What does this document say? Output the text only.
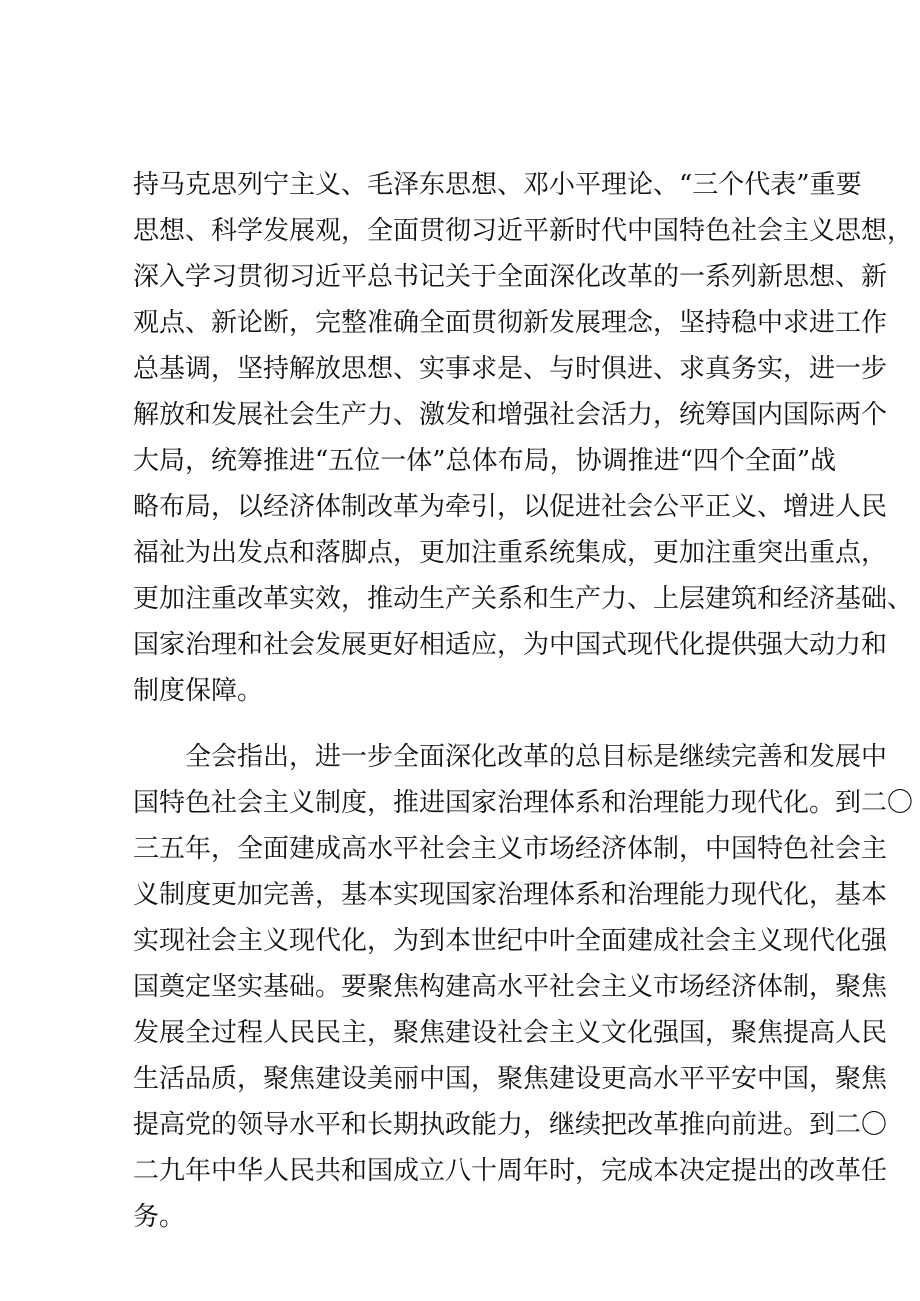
持马克思列宁主义、毛泽东思想、邓小平理论、“三个代表”重要
思想、科学发展观，全面贯彻习近平新时代中国特色社会主义思想，
深入学习贯彻习近平总书记关于全面深化改革的一系列新思想、新
观点、新论断，完整准确全面贯彻新发展理念，坚持稳中求进工作
总基调，坚持解放思想、实事求是、与时俱进、求真务实，进一步
解放和发展社会生产力、激发和增强社会活力，统筹国内国际两个
大局，统筹推进“五位一体”总体布局，协调推进“四个全面”战
略布局，以经济体制改革为牵引，以促进社会公平正义、增进人民
福祉为出发点和落脚点，更加注重系统集成，更加注重突出重点，
更加注重改革实效，推动生产关系和生产力、上层建筑和经济基础、
国家治理和社会发展更好相适应，为中国式现代化提供强大动力和
制度保障。
全会指出，进一步全面深化改革的总目标是继续完善和发展中
国特色社会主义制度，推进国家治理体系和治理能力现代化。到二〇
三五年，全面建成高水平社会主义市场经济体制，中国特色社会主
义制度更加完善，基本实现国家治理体系和治理能力现代化，基本
实现社会主义现代化，为到本世纪中叶全面建成社会主义现代化强
国奠定坚实基础。要聚焦构建高水平社会主义市场经济体制，聚焦
发展全过程人民民主，聚焦建设社会主义文化强国，聚焦提高人民
生活品质，聚焦建设美丽中国，聚焦建设更高水平平安中国，聚焦
提高党的领导水平和长期执政能力，继续把改革推向前进。到二〇
二九年中华人民共和国成立八十周年时，完成本决定提出的改革任
务。
